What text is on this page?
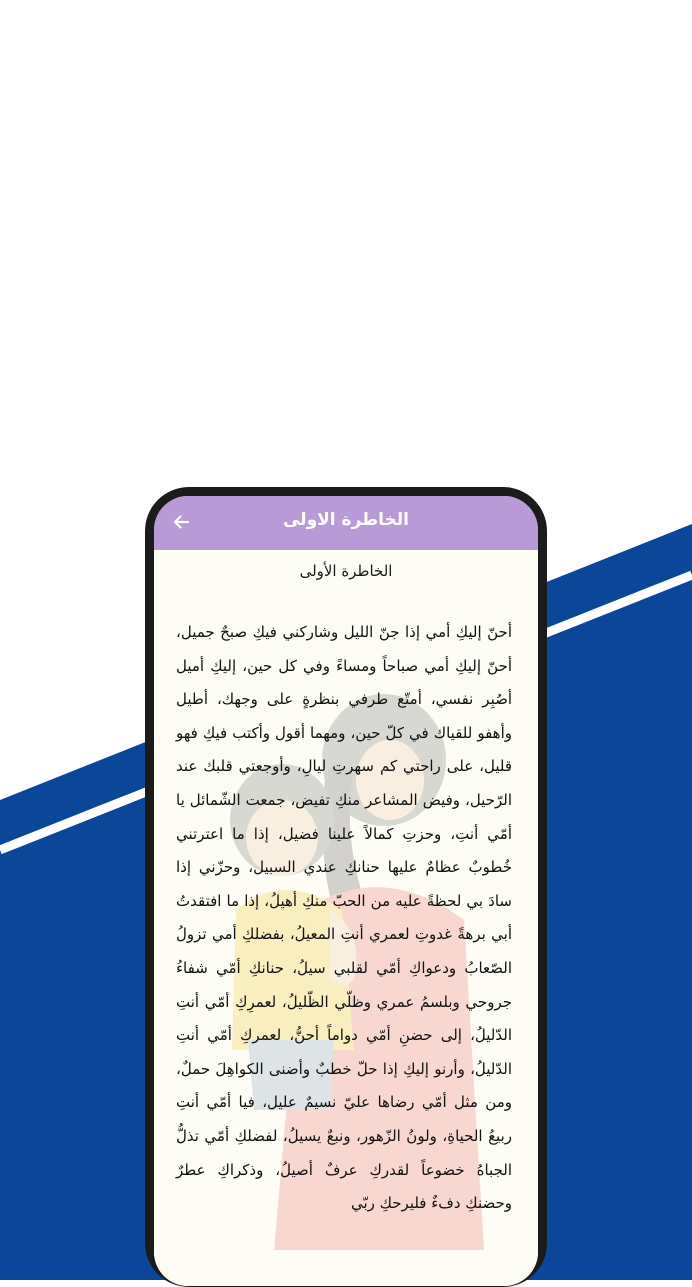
الخاطرة الاولى
الخاطرة الأولى
أحنّ إليكِ أمي إذا جنّ الليل وشاركني فيكِ صبحٌ جميل، أحنّ إليكِ أمي صباحاً ومساءً وفي كل حين، إليكِ أميل أصُبِر نفسي، أمتّع طرفي بنظرةٍ على وجهك، أطيل وأهفو للقياك في كلّ حين، ومهما أقول وأكتب فيكِ فهو قليل، على راحتي كم سهرتِ ليالِ، وأوجعتي قلبك عند الرّحيل، وفيض المشاعر منكِ تفيض، جمعت الشّمائل يا أمّي أنتِ، وحزتِ كمالاً علينا فضيل، إذا ما اعترتني خُطوبٌ عظامٌ عليها حنانكِ عندي السبيل، وحزّني إذا سادَ بي لحظةً عليه من الحبّ منكِ أهيلُ، إذا ما افتقدتُ أبي برهةً غدوتِ لعمري أنتِ المعيلُ، بفضلكِ أمي تزولُ الصّعابُ ودعواكِ أمّي لقلبي سيلُ، حنانكِ أمّي شفاءُ جروحي وبلسمُ عمري وظلّي الظّليلُ، لعمرِكِ أمّي أنتِ الدّليلُ، إلى حضنِ أمّي دواماً أحنُّ، لعمركِ أمّي أنتِ الدّليلُ، وأرنو إليكِ إذا حلّ خطبٌ وأضنى الكواهِلَ حملٌ، ومن مثل أمّي رضاها عليّ نسيمٌ عليل، فيا أمّي أنتِ ربيعُ الحياةِ، ولونُ الزّهور، ونبعٌ يسيلُ، لفضلكِ أمّي تذلُّ الجباهُ خضوعاً لقدركِ عرفٌ أصيلُ، وذكراكِ عطرٌ وحضنكِ دفءٌ فليرحكِ ربّي
